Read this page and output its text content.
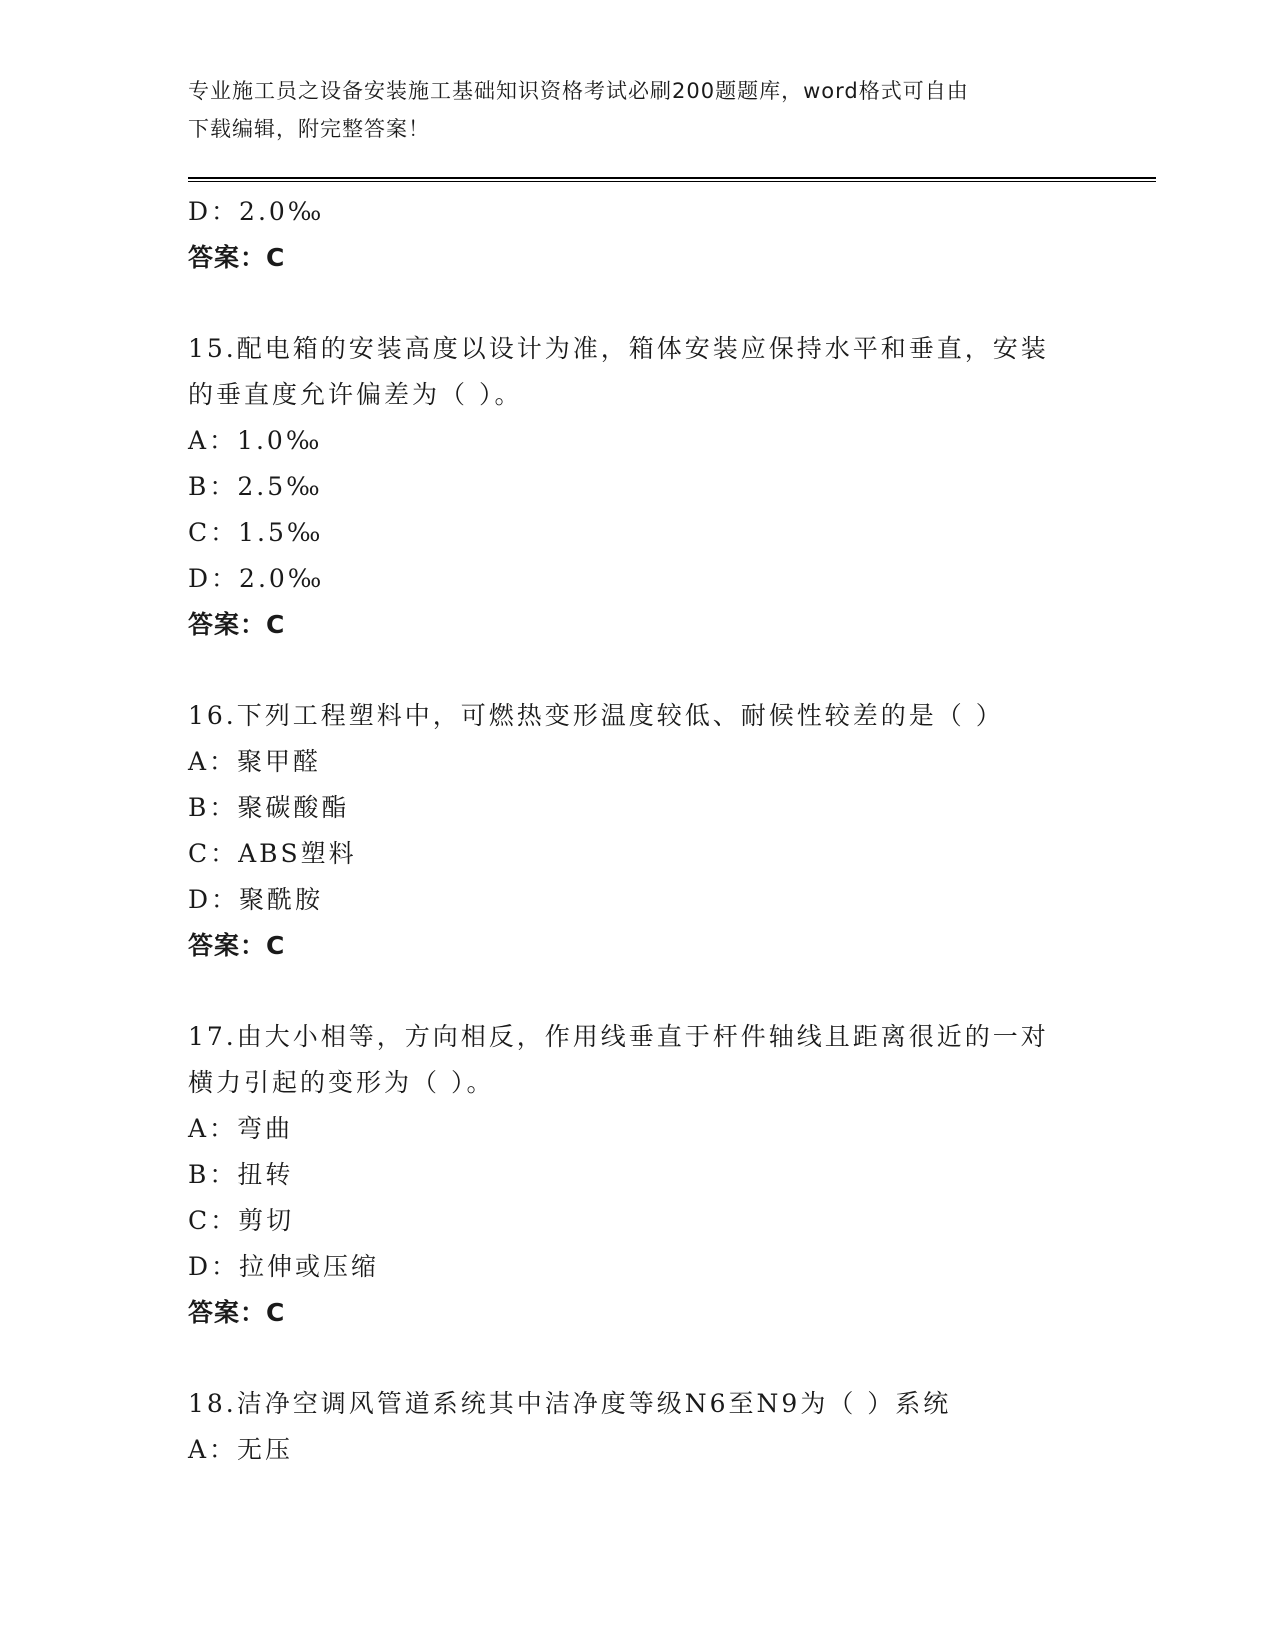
专业施工员之设备安装施工基础知识资格考试必刷200题题库，word格式可自由
下载编辑，附完整答案！
D：2.0‰
答案：C
15.配电箱的安装高度以设计为准，箱体安装应保持水平和垂直，安装
的垂直度允许偏差为（ ）。
A：1.0‰
B：2.5‰
C：1.5‰
D：2.0‰
答案：C
16.下列工程塑料中，可燃热变形温度较低、耐候性较差的是（ ）
A：聚甲醛
B：聚碳酸酯
C：ABS塑料
D：聚酰胺
答案：C
17.由大小相等，方向相反，作用线垂直于杆件轴线且距离很近的一对
横力引起的变形为（ ）。
A：弯曲
B：扭转
C：剪切
D：拉伸或压缩
答案：C
18.洁净空调风管道系统其中洁净度等级N6至N9为（ ）系统
A：无压
